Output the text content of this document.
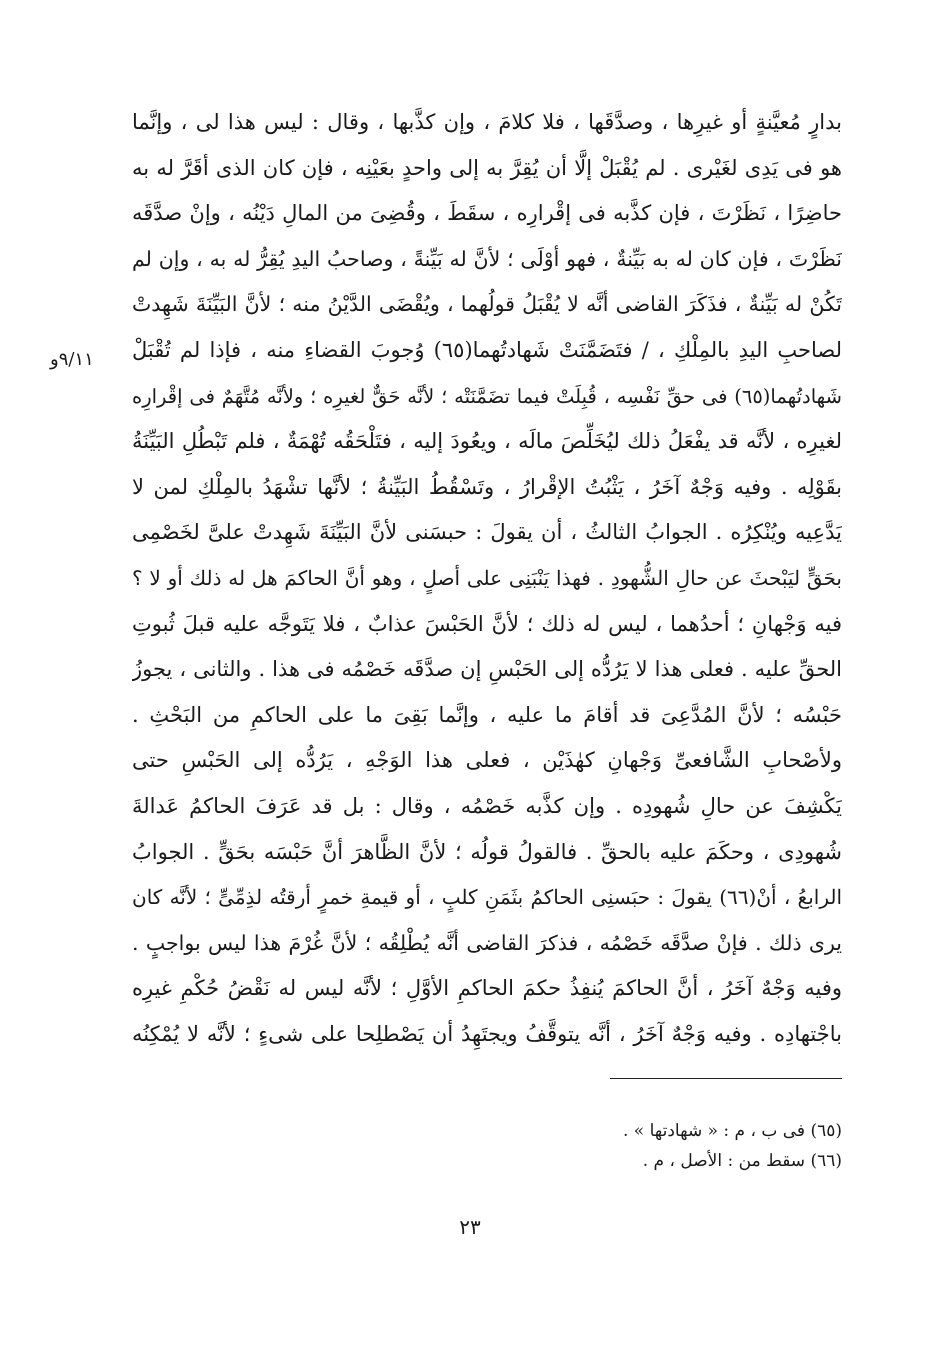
٩/١١و
بدارٍ مُعيَّنةٍ أو غيرِها ، وصدَّقَها ، فلا كلامَ ، وإن كذَّبها ، وقال : ليس هذا لى ، وإنَّما
هو فى يَدِى لغَيْرى . لم يُقْبَلْ إلَّا أن يُقِرَّ به إلى واحدٍ بعَيْنِه ، فإن كان الذى أقَرَّ له به
حاضِرًا ، نَظَرْتَ ، فإن كذَّبه فى إقْرارِه ، سقَطَ ، وقُضِىَ من المالِ دَيْنُه ، وإنْ صدَّقَه
نَظَرْتَ ، فإن كان له به بَيِّنةٌ ، فهو أوْلَى ؛ لأنَّ له بَيِّنةً ، وصاحبُ اليدِ يُقِرُّ له به ، وإن لم
تَكُنْ له بَيِّنةٌ ، فذَكَرَ القاضى أنَّه لا يُقْبَلُ قولُهما ، ويُقْضَى الدَّيْنُ منه ؛ لأنَّ البَيِّنَةَ شَهِدتْ
لصاحبِ اليدِ بالمِلْكِ ، / فتَضَمَّنَتْ شَهادتُهما(٦٥) وُجوبَ القضاءِ منه ، فإذا لم تُقْبَلْ
شَهادتُهما(٦٥) فى حقِّ نَفْسِه ، قُبِلَتْ فيما تضَمَّنَتْه ؛ لأنَّه حَقٌّ لغيرِه ؛ ولأنَّه مُتَّهَمٌ فى إقْرارِه
لغيرِه ، لأنَّه قد يفْعَلُ ذلك ليُخَلِّصَ مالَه ، ويعُودَ إليه ، فتَلْحَقُه تُهْمَةٌ ، فلم تَبْطُلِ البَيِّنَةُ
بقَوْلِه . وفيه وَجْهٌ آخَرُ ، يَثْبُتُ الإقْرارُ ، وتَسْقُطُ البَيِّنةُ ؛ لأنَّها تشْهَدُ بالمِلْكِ لمن لا
يَدَّعِيه ويُنْكِرُه . الجوابُ الثالثُ ، أن يقولَ : حبسَنى لأنَّ البَيِّنَةَ شَهِدتْ علىَّ لخَصْمِى
بحَقٍّ ليَبْحثَ عن حالِ الشُّهودِ . فهذا يَنْبَنِى على أصلٍ ، وهو أنَّ الحاكمَ هل له ذلك أو لا ؟
فيه وَجْهانِ ؛ أحدُهما ، ليس له ذلك ؛ لأنَّ الحَبْسَ عذابٌ ، فلا يَتَوجَّه عليه قبلَ ثُبوتِ
الحقِّ عليه . فعلى هذا لا يَرُدُّه إلى الحَبْسِ إن صدَّقَه خَصْمُه فى هذا . والثانى ، يجوزُ
حَبْسُه ؛ لأنَّ المُدَّعِىَ قد أقامَ ما عليه ، وإنَّما بَقِىَ ما على الحاكمِ من البَحْثِ .
ولأصْحابِ الشَّافعىِّ وَجْهانِ كهٰذَيْن ، فعلى هذا الوَجْهِ ، يَرُدُّه إلى الحَبْسِ حتى
يَكْشِفَ عن حالِ شُهودِه . وإن كذَّبه خَصْمُه ، وقال : بل قد عَرَفَ الحاكمُ عَدالةَ
شُهودِى ، وحكَمَ عليه بالحقِّ . فالقولُ قولُه ؛ لأنَّ الظَّاهرَ أنَّ حَبْسَه بحَقٍّ . الجوابُ
الرابعُ ، أنْ(٦٦) يقولَ : حبَسنِى الحاكمُ بثَمَنِ كلبٍ ، أو قيمةِ خمرٍ أرقتُه لذِمِّىٍّ ؛ لأنَّه كان
يرى ذلك . فإنْ صدَّقَه خَصْمُه ، فذكرَ القاضى أنَّه يُطْلِقُه ؛ لأنَّ غُرْمَ هذا ليس بواجبٍ .
وفيه وَجْهٌ آخَرُ ، أنَّ الحاكمَ يُنفِذُ حكمَ الحاكمِ الأوَّلِ ؛ لأنَّه ليس له نَقْضُ حُكْمِ غيرِه
باجْتهادِه . وفيه وَجْهٌ آخَرُ ، أنَّه يتوقَّفُ ويجتَهِدُ أن يَصْطلِحا على شىءٍ ؛ لأنَّه لا يُمْكِنُه
(٦٥) فى ب ، م : « شهادتها » .
(٦٦) سقط من : الأصل ، م .
٢٣
